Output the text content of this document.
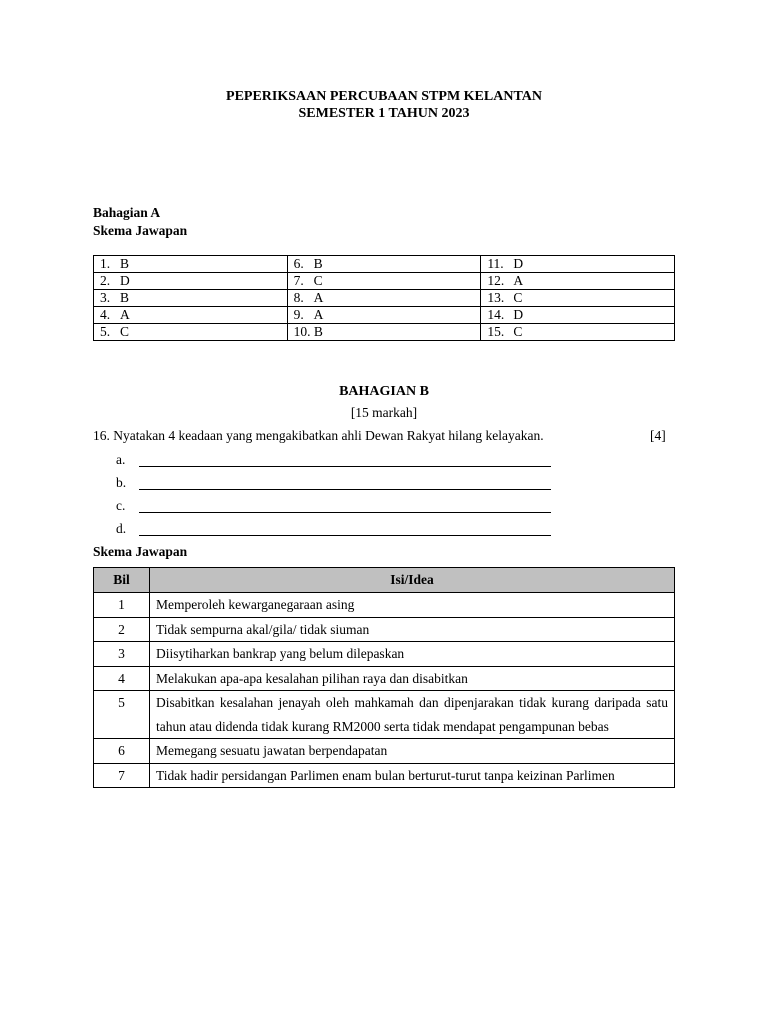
PEPERIKSAAN PERCUBAAN STPM KELANTAN
SEMESTER 1 TAHUN 2023
Bahagian A
Skema Jawapan
1. B	6. B	11. D
2. D	7. C	12. A
3. B	8. A	13. C
4. A	9. A	14. D
5. C	10. B	15. C
BAHAGIAN B
[15 markah]
16. Nyatakan 4 keadaan yang mengakibatkan ahli Dewan Rakyat hilang kelayakan.	[4]
a.
b.
c.
d.
Skema Jawapan
Bil	Isi/Idea
1	Memperoleh kewarganegaraan asing
2	Tidak sempurna akal/gila/ tidak siuman
3	Diisytiharkan bankrap yang belum dilepaskan
4	Melakukan apa-apa kesalahan pilihan raya dan disabitkan
5	Disabitkan kesalahan jenayah oleh mahkamah dan dipenjarakan tidak kurang daripada satu tahun atau didenda tidak kurang RM2000 serta tidak mendapat pengampunan bebas
6	Memegang sesuatu jawatan berpendapatan
7	Tidak hadir persidangan Parlimen enam bulan berturut-turut tanpa keizinan Parlimen
